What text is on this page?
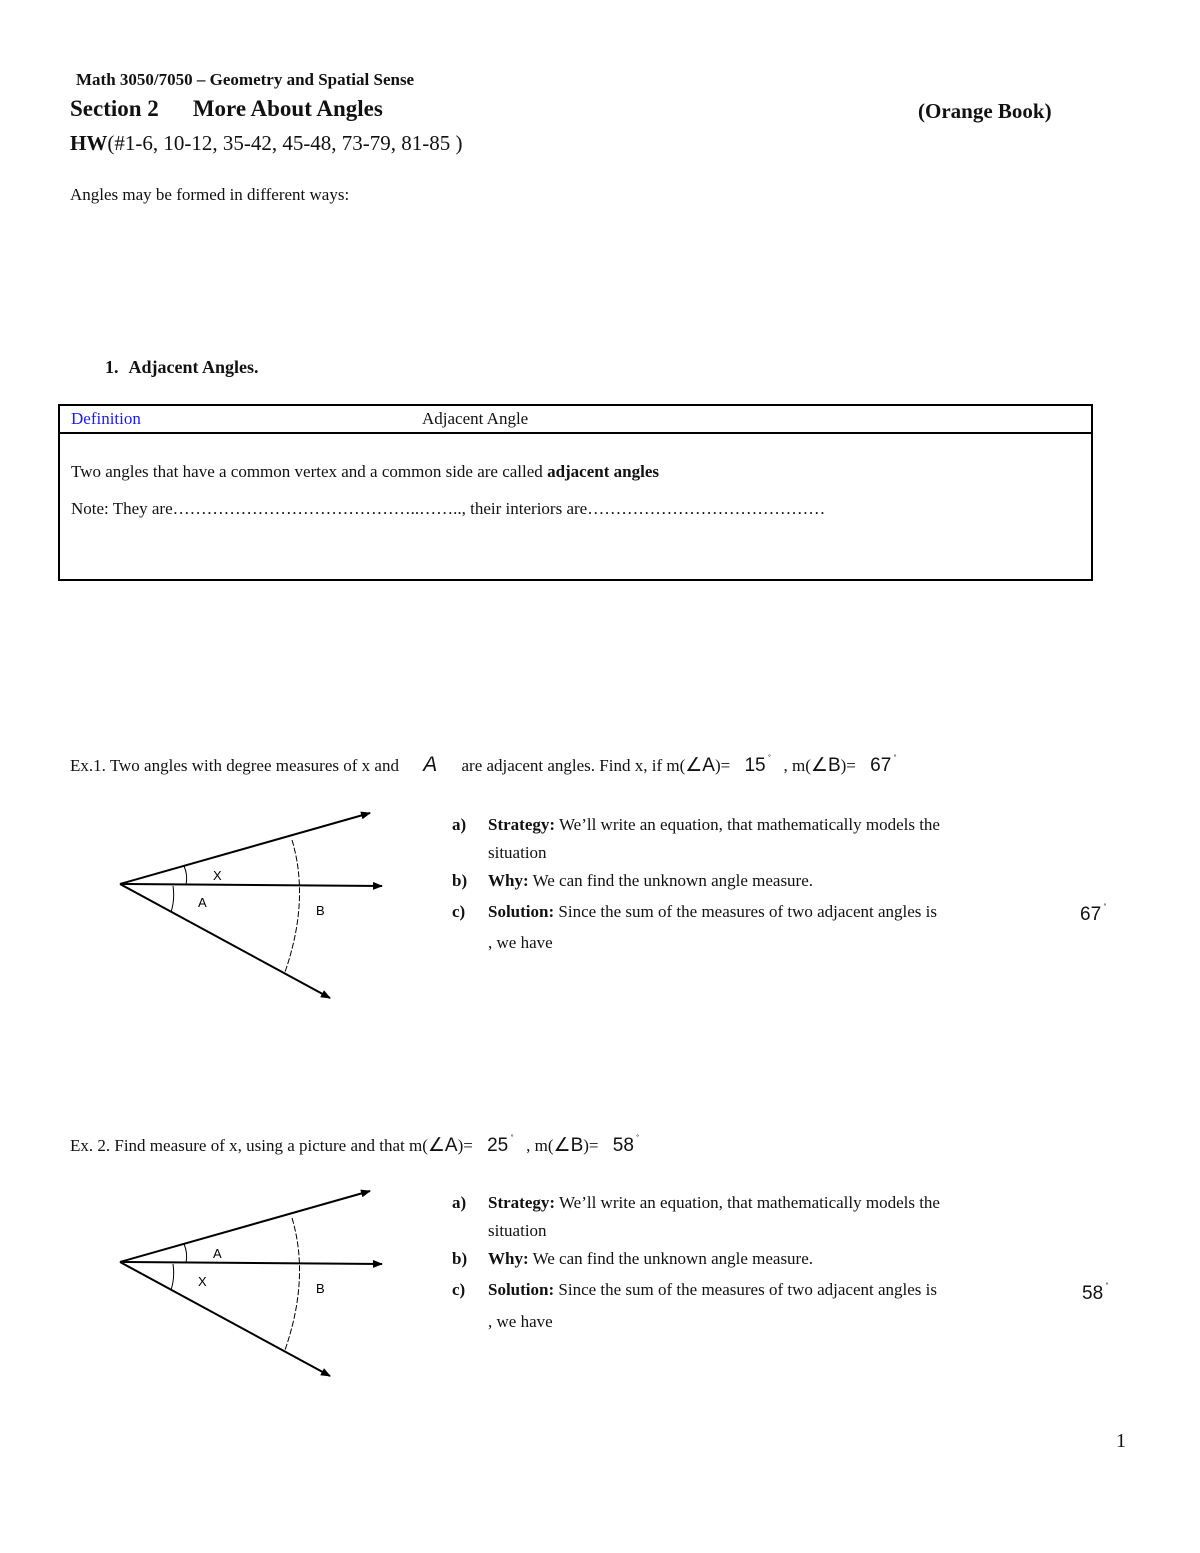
Math 3050/7050 – Geometry and Spatial Sense
Section 2 More About Angles	(Orange Book)
HW(#1-6, 10-12, 35-42, 45-48, 73-79, 81-85 )
Angles may be formed in different ways:
1. Adjacent Angles.
Definition	Adjacent Angle
Two angles that have a common vertex and a common side are called adjacent angles
Note: They are……………………………………..…….., their interiors are……………………………………
Ex.1. Two angles with degree measures of x and A are adjacent angles. Find x, if m(∠A)= 15 ˚ , m(∠B)= 67 ˚
X
A
B
a) Strategy: We’ll write an equation, that mathematically models the
situation
b) Why: We can find the unknown angle measure.
c) Solution: Since the sum of the measures of two adjacent angles is	67 ˚
, we have
Ex. 2. Find measure of x, using a picture and that m(∠A)= 25 ˚ , m(∠B)= 58 ˚
A
X	B
a) Strategy: We’ll write an equation, that mathematically models the
situation
b) Why: We can find the unknown angle measure.
c) Solution: Since the sum of the measures of two adjacent angles is	58 ˚
, we have
1
